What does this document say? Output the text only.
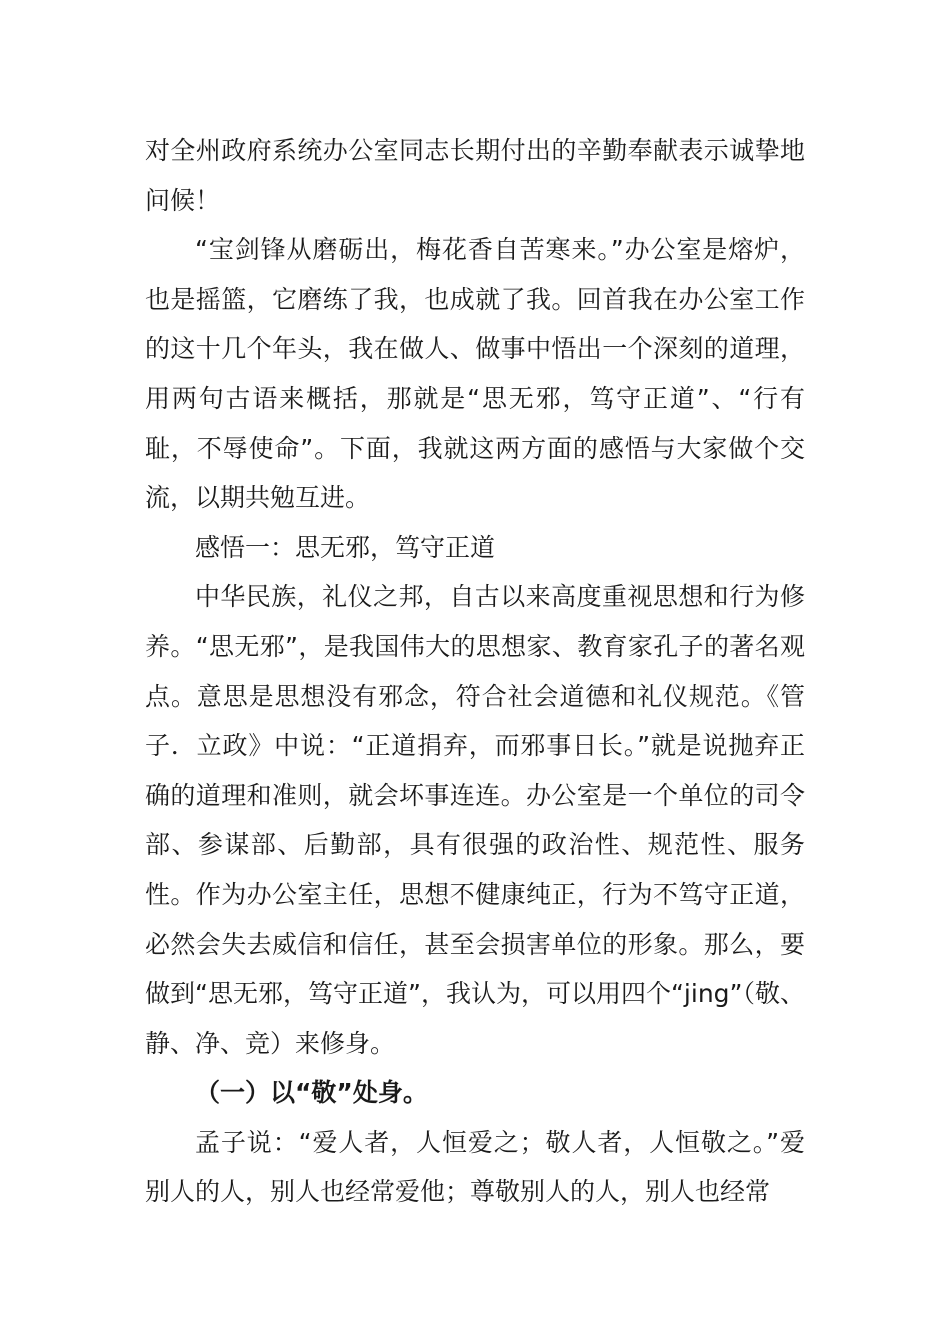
对全州政府系统办公室同志长期付出的辛勤奉献表示诚挚地问候！

“宝剑锋从磨砺出，梅花香自苦寒来。”办公室是熔炉，也是摇篮，它磨练了我，也成就了我。回首我在办公室工作的这十几个年头，我在做人、做事中悟出一个深刻的道理，用两句古语来概括，那就是“思无邪，笃守正道”、“行有耻，不辱使命”。下面，我就这两方面的感悟与大家做个交流，以期共勉互进。

感悟一：思无邪，笃守正道

中华民族，礼仪之邦，自古以来高度重视思想和行为修养。“思无邪”，是我国伟大的思想家、教育家孔子的著名观点。意思是思想没有邪念，符合社会道德和礼仪规范。《管子．立政》中说：“正道捐弃，而邪事日长。”就是说抛弃正确的道理和准则，就会坏事连连。办公室是一个单位的司令部、参谋部、后勤部，具有很强的政治性、规范性、服务性。作为办公室主任，思想不健康纯正，行为不笃守正道，必然会失去威信和信任，甚至会损害单位的形象。那么，要做到“思无邪，笃守正道”，我认为，可以用四个“jing”（敬、静、净、竞）来修身。

（一）以“敬”处身。

孟子说：“爱人者，人恒爱之；敬人者，人恒敬之。”爱别人的人，别人也经常爱他；尊敬别人的人，别人也经常
